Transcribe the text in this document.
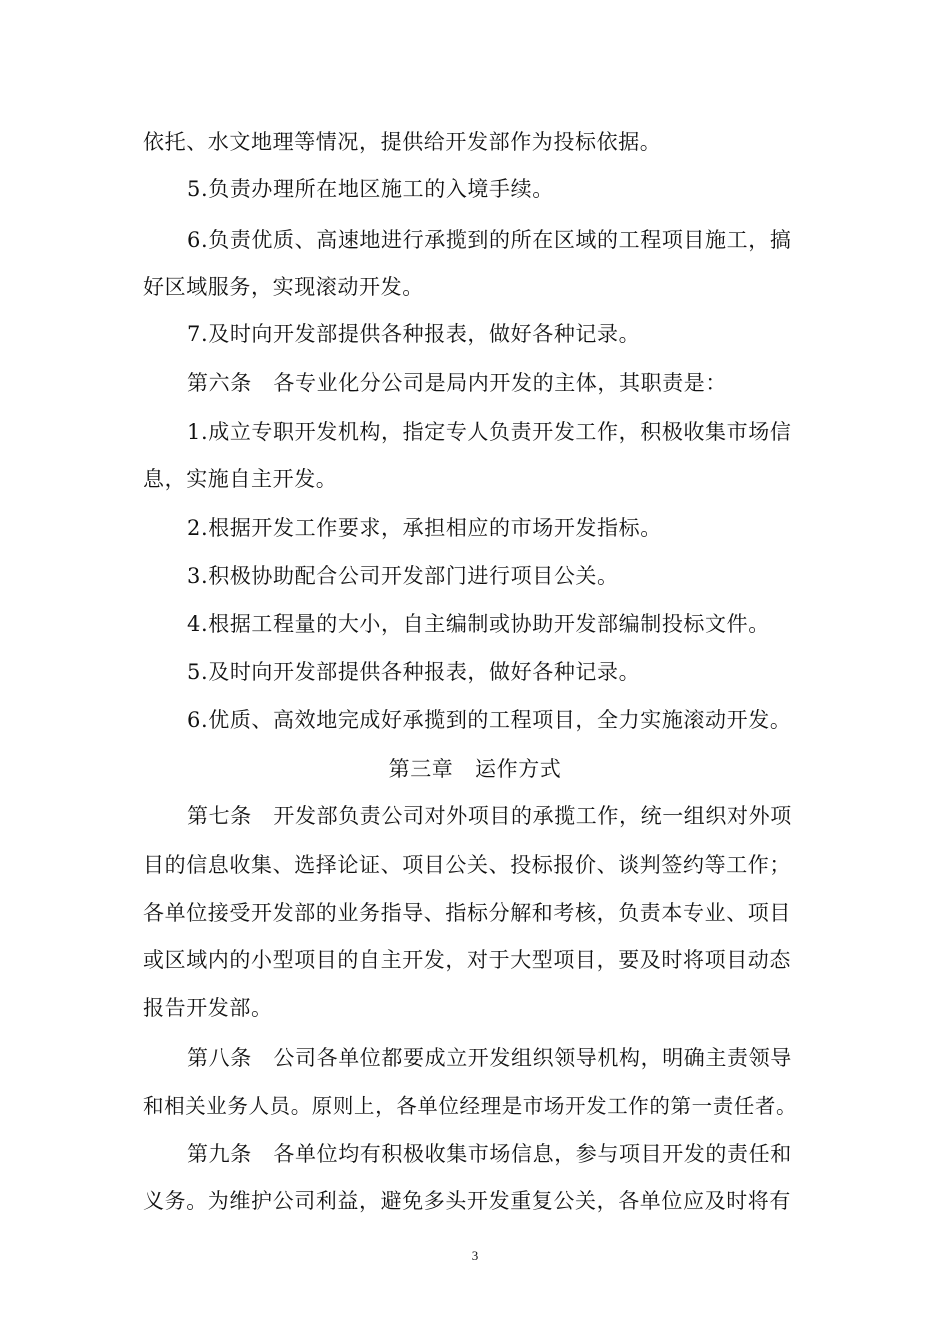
依托、水文地理等情况，提供给开发部作为投标依据。
5.负责办理所在地区施工的入境手续。
6.负责优质、高速地进行承揽到的所在区域的工程项目施工，搞
好区域服务，实现滚动开发。
7.及时向开发部提供各种报表，做好各种记录。
第六条　各专业化分公司是局内开发的主体，其职责是：
1.成立专职开发机构，指定专人负责开发工作，积极收集市场信
息，实施自主开发。
2.根据开发工作要求，承担相应的市场开发指标。
3.积极协助配合公司开发部门进行项目公关。
4.根据工程量的大小，自主编制或协助开发部编制投标文件。
5.及时向开发部提供各种报表，做好各种记录。
6.优质、高效地完成好承揽到的工程项目，全力实施滚动开发。
第三章　运作方式
第七条　开发部负责公司对外项目的承揽工作，统一组织对外项
目的信息收集、选择论证、项目公关、投标报价、谈判签约等工作；
各单位接受开发部的业务指导、指标分解和考核，负责本专业、项目
或区域内的小型项目的自主开发，对于大型项目，要及时将项目动态
报告开发部。
第八条　公司各单位都要成立开发组织领导机构，明确主责领导
和相关业务人员。原则上，各单位经理是市场开发工作的第一责任者。
第九条　各单位均有积极收集市场信息，参与项目开发的责任和
义务。为维护公司利益，避免多头开发重复公关，各单位应及时将有
3
